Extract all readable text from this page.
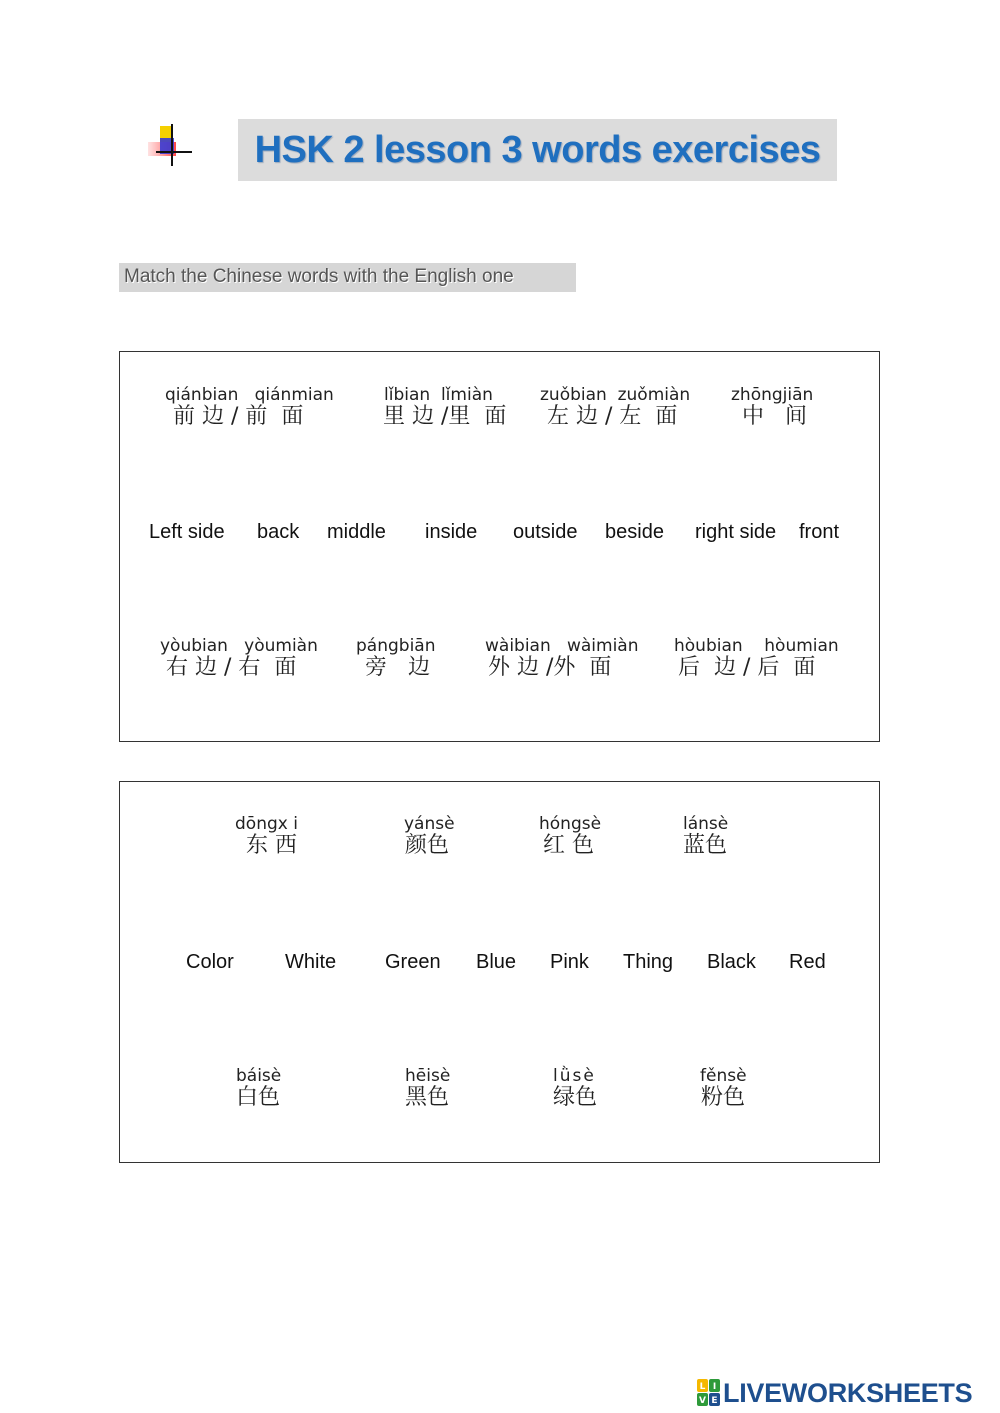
HSK 2 lesson 3 words exercises
Match the Chinese words with the English one
qiánbian   qiánmian
前 边 / 前  面
lǐbian  lǐmiàn
里 边 /里  面
zuǒbian  zuǒmiàn
左 边 / 左  面
zhōngjiān
中   间
Left side back middle inside outside beside right side front
yòubian   yòumiàn
右 边 / 右  面
pángbiān
旁   边
wàibian   wàimiàn
外 边 /外  面
hòubian    hòumian
后  边 / 后  面
dōngx i
东 西
yánsè
颜色
hóngsè
红 色
lánsè
蓝色
Color	White Green Blue Pink Thing Black Red
báisè
白色
hēisè
黑色
lǜsè
绿色
fěnsè
粉色
L I
V E LIVEWORKSHEETS
